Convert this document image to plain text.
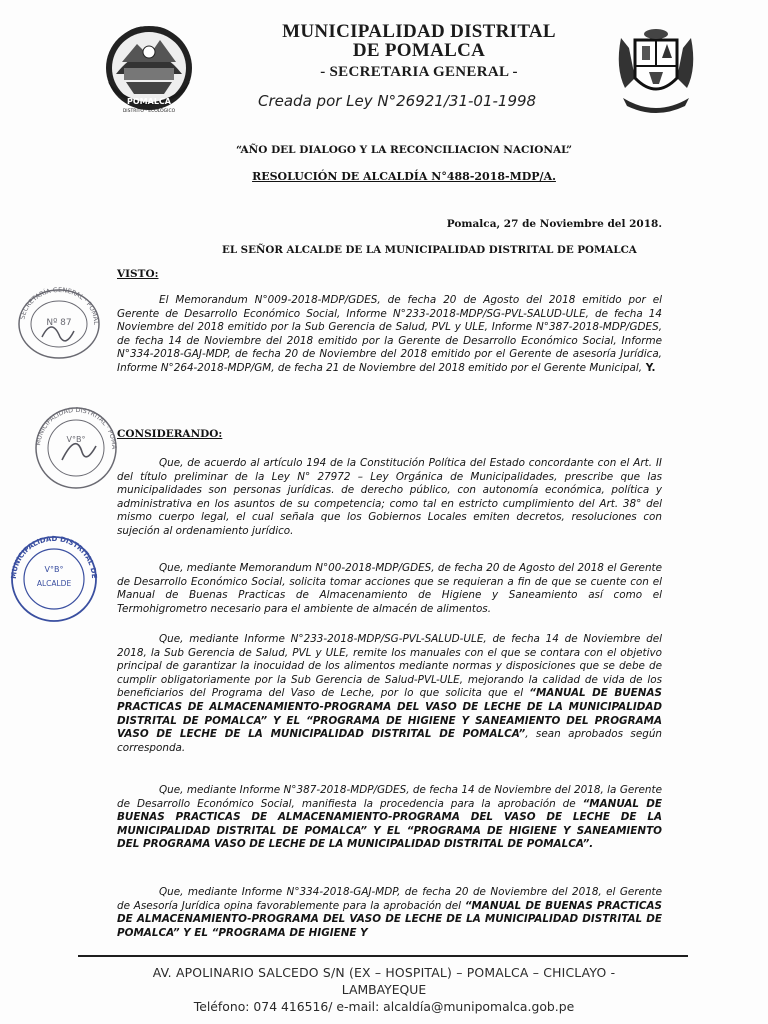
POMALCA
DISTRITO · ECOLÓGICO
MUNICIPALIDAD DISTRITAL
DE POMALCA
- SECRETARIA GENERAL -
Creada por Ley N°26921/31-01-1998
“AÑO DEL DIALOGO Y LA RECONCILIACION NACIONAL”
RESOLUCIÓN DE ALCALDÍA N°488-2018-MDP/A.
Pomalca, 27 de Noviembre del 2018.
EL SEÑOR ALCALDE DE LA MUNICIPALIDAD DISTRITAL DE POMALCA
VISTO:
El Memorandum N°009-2018-MDP/GDES, de fecha 20 de Agosto del 2018 emitido por el Gerente de Desarrollo Económico Social, Informe N°233-2018-MDP/SG-PVL-SALUD-ULE, de fecha 14 Noviembre del 2018 emitido por la Sub Gerencia de Salud, PVL y ULE, Informe N°387-2018-MDP/GDES, de fecha 14 de Noviembre del 2018 emitido por la Gerente de Desarrollo Económico Social, Informe N°334-2018-GAJ-MDP, de fecha 20 de Noviembre del 2018 emitido por el Gerente de asesoría Jurídica, Informe N°264-2018-MDP/GM, de fecha 21 de Noviembre del 2018 emitido por el Gerente Municipal, Y.
CONSIDERANDO:
Que, de acuerdo al artículo 194 de la Constitución Política del Estado concordante con el Art. II del título preliminar de la Ley N° 27972 – Ley Orgánica de Municipalidades, prescribe que las municipalidades son personas jurídicas. de derecho público, con autonomía económica, política y administrativa en los asuntos de su competencia; como tal en estricto cumplimiento del Art. 38° del mismo cuerpo legal, el cual señala que los Gobiernos Locales emiten decretos, resoluciones con sujeción al ordenamiento jurídico.
Que, mediante Memorandum N°00-2018-MDP/GDES, de fecha 20 de Agosto del 2018 el Gerente de Desarrollo Económico Social, solicita tomar acciones que se requieran a fin de que se cuente con el Manual de Buenas Practicas de Almacenamiento de Higiene y Saneamiento así como el Termohigrometro necesario para el ambiente de almacén de alimentos.
Que, mediante Informe N°233-2018-MDP/SG-PVL-SALUD-ULE, de fecha 14 de Noviembre del 2018, la Sub Gerencia de Salud, PVL y ULE, remite los manuales con el que se contara con el objetivo principal de garantizar la inocuidad de los alimentos mediante normas y disposiciones que se debe de cumplir obligatoriamente por la Sub Gerencia de Salud-PVL-ULE, mejorando la calidad de vida de los beneficiarios del Programa del Vaso de Leche, por lo que solicita que el “MANUAL DE BUENAS PRACTICAS DE ALMACENAMIENTO-PROGRAMA DEL VASO DE LECHE DE LA MUNICIPALIDAD DISTRITAL DE POMALCA” Y EL “PROGRAMA DE HIGIENE Y SANEAMIENTO DEL PROGRAMA VASO DE LECHE DE LA MUNICIPALIDAD DISTRITAL DE POMALCA”, sean aprobados según corresponda.
Que, mediante Informe N°387-2018-MDP/GDES, de fecha 14 de Noviembre del 2018, la Gerente de Desarrollo Económico Social, manifiesta la procedencia para la aprobación de “MANUAL DE BUENAS PRACTICAS DE ALMACENAMIENTO-PROGRAMA DEL VASO DE LECHE DE LA MUNICIPALIDAD DISTRITAL DE POMALCA” Y EL “PROGRAMA DE HIGIENE Y SANEAMIENTO DEL PROGRAMA VASO DE LECHE DE LA MUNICIPALIDAD DISTRITAL DE POMALCA”.
Que, mediante Informe N°334-2018-GAJ-MDP, de fecha 20 de Noviembre del 2018, el Gerente de Asesoría Jurídica opina favorablemente para la aprobación del “MANUAL DE BUENAS PRACTICAS DE ALMACENAMIENTO-PROGRAMA DEL VASO DE LECHE DE LA MUNICIPALIDAD DISTRITAL DE POMALCA” Y EL “PROGRAMA DE HIGIENE Y
SECRETARÍA GENERAL · POMAL
Nº 87
MUNICIPALIDAD DISTRITAL · POMA
V°B°
MUNICIPALIDAD DISTRITAL DE
V°B°
ALCALDE
AV. APOLINARIO SALCEDO S/N (EX – HOSPITAL) – POMALCA – CHICLAYO -
LAMBAYEQUE
Teléfono: 074 416516/ e-mail: alcaldía@munipomalca.gob.pe
